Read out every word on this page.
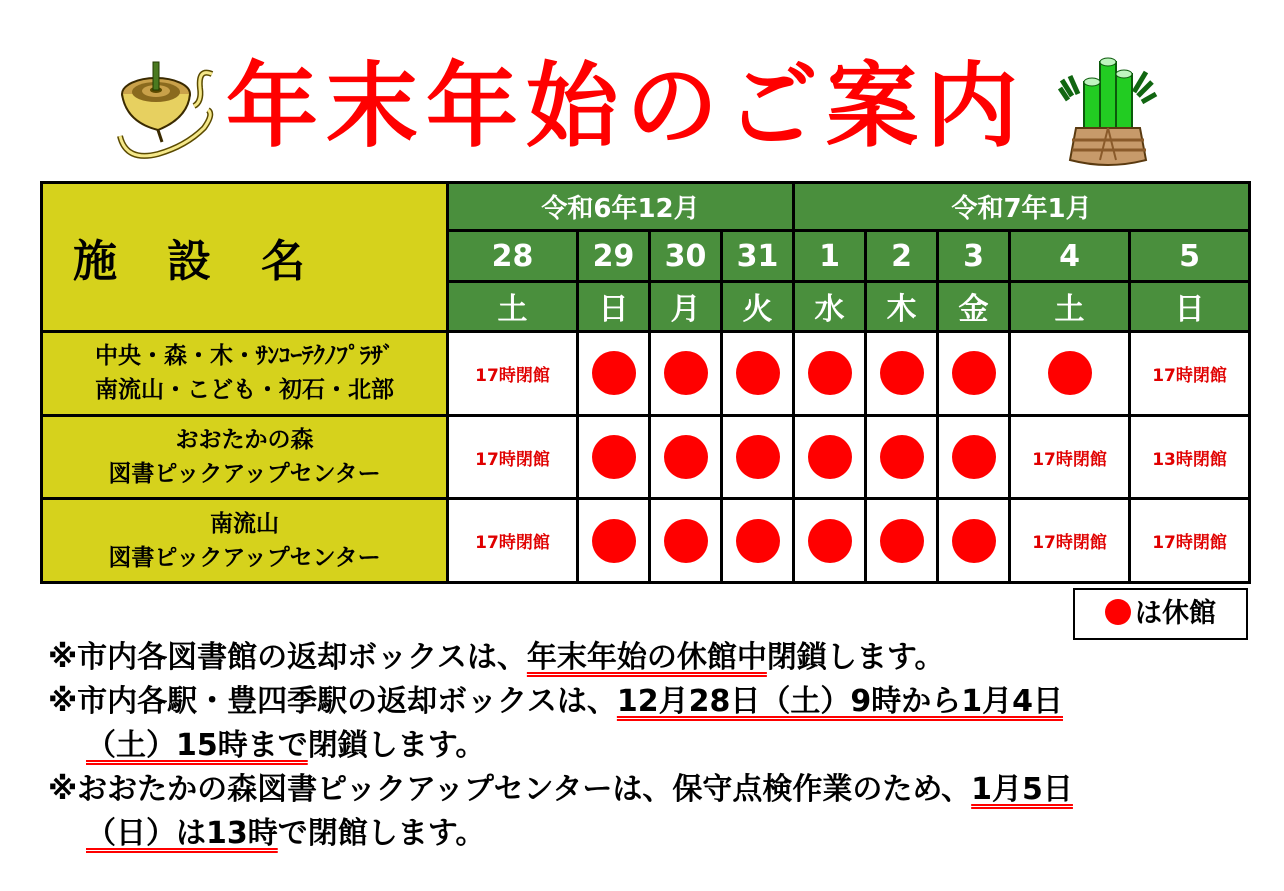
年末年始のご案内
施設名	令和6年12月				令和7年1月				
	28	29	30	31	1	2	3	4	5
	土	日	月	火	水	木	金	土	日

中央・森・木・ｻﾝｺｰﾃｸﾉﾌﾟﾗｻﾞ
南流山・こども・初石・北部	17時閉館								17時閉館

おおたかの森
図書ピックアップセンター	17時閉館							17時閉館	13時閉館

南流山
図書ピックアップセンター	17時閉館							17時閉館	17時閉館
は休館

※市内各図書館の返却ボックスは、年末年始の休館中閉鎖します。

※市内各駅・豊四季駅の返却ボックスは、12月28日（土）9時から1月4日

（土）15時まで閉鎖します。

※おおたかの森図書ピックアップセンターは、保守点検作業のため、1月5日

（日）は13時で閉館します。
